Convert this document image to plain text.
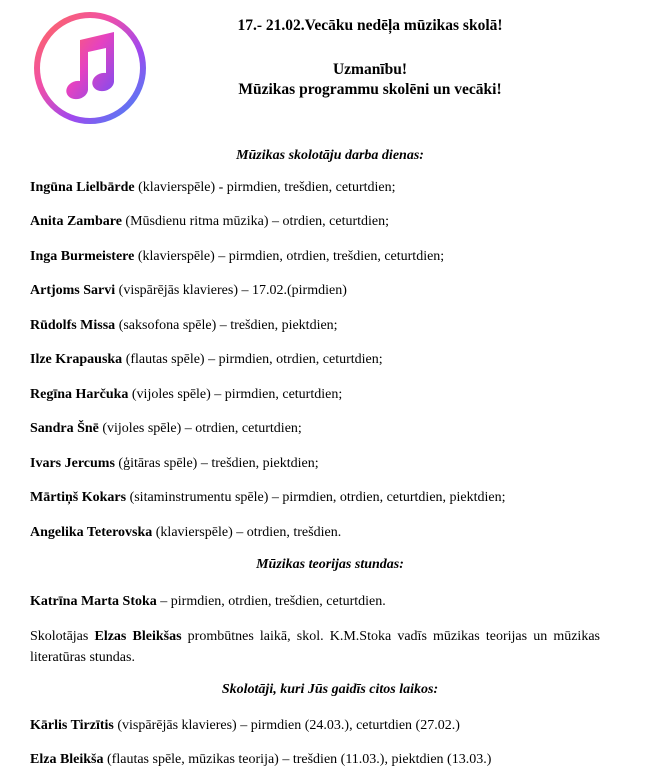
17.- 21.02.Vecāku nedēļa mūzikas skolā!

Uzmanību!

Mūzikas programmu skolēni un vecāki!

Mūzikas skolotāju darba dienas:

Ingūna Lielbārde (klavierspēle) - pirmdien, trešdien, ceturtdien;

Anita Zambare (Mūsdienu ritma mūzika) – otrdien, ceturtdien;

Inga Burmeistere (klavierspēle) – pirmdien, otrdien, trešdien, ceturtdien;

Artjoms Sarvi (vispārējās klavieres) – 17.02.(pirmdien)

Rūdolfs Missa (saksofona spēle) – trešdien, piektdien;

Ilze Krapauska (flautas spēle) – pirmdien, otrdien, ceturtdien;

Regīna Harčuka (vijoles spēle) – pirmdien, ceturtdien;

Sandra Šnē (vijoles spēle) – otrdien, ceturtdien;

Ivars Jercums (ģitāras spēle) – trešdien, piektdien;

Mārtiņš Kokars (sitaminstrumentu spēle) – pirmdien, otrdien, ceturtdien, piektdien;

Angelika Teterovska (klavierspēle) – otrdien, trešdien.

Mūzikas teorijas stundas:

Katrīna Marta Stoka – pirmdien, otrdien, trešdien, ceturtdien.

Skolotājas Elzas Bleikšas prombūtnes laikā, skol. K.M.Stoka vadīs mūzikas teorijas un mūzikas literatūras stundas.

Skolotāji, kuri Jūs gaidīs citos laikos:

Kārlis Tirzītis (vispārējās klavieres) – pirmdien (24.03.), ceturtdien (27.02.)

Elza Bleikša (flautas spēle, mūzikas teorija) – trešdien (11.03.), piektdien (13.03.)
